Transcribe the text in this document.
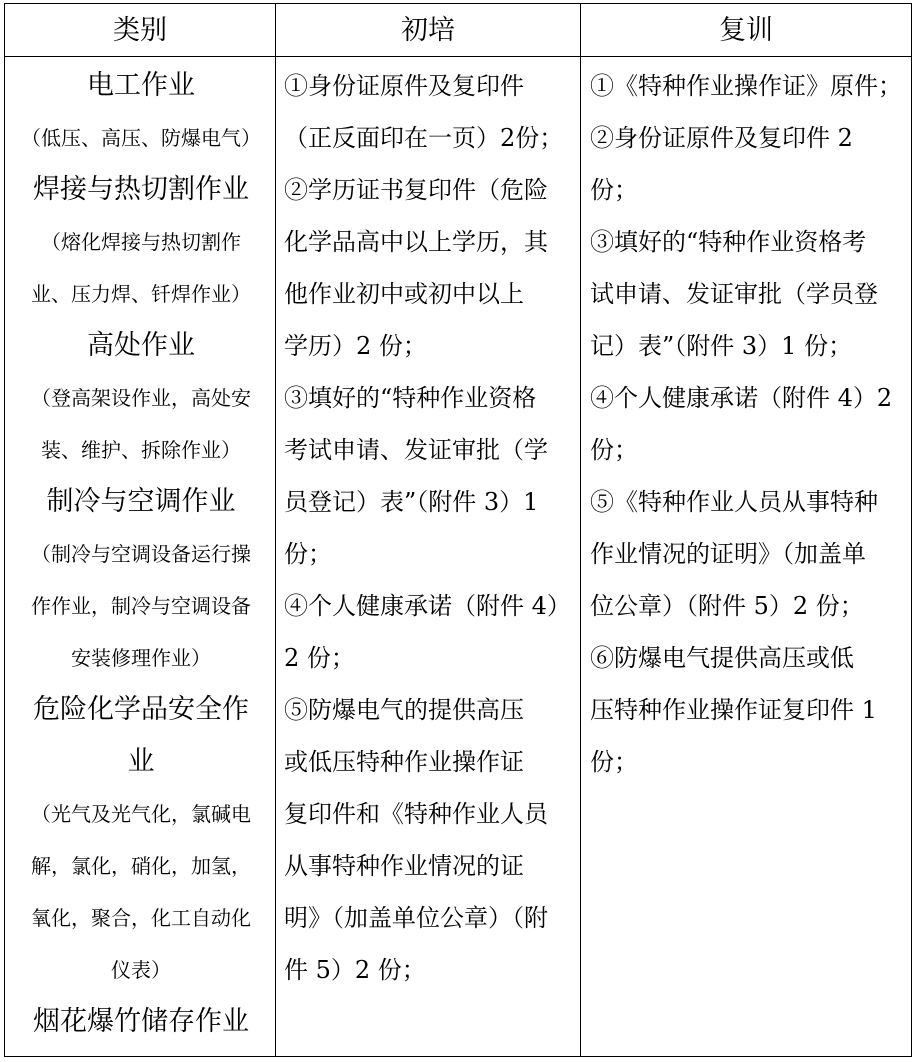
类别	初培	复训
电工作业
（低压、高压、防爆电气）
焊接与热切割作业
（熔化焊接与热切割作
业、压力焊、钎焊作业）
高处作业
（登高架设作业，高处安
装、维护、拆除作业）
制冷与空调作业
（制冷与空调设备运行操
作作业，制冷与空调设备
安装修理作业）
危险化学品安全作
业
（光气及光气化，氯碱电
解，氯化，硝化，加氢，
氧化，聚合，化工自动化
仪表）
烟花爆竹储存作业
①身份证原件及复印件
（正反面印在一页）2份；
②学历证书复印件（危险
化学品高中以上学历，其
他作业初中或初中以上
学历）2 份；
③填好的“特种作业资格
考试申请、发证审批（学
员登记）表”（附件 3）1
份；
④个人健康承诺（附件 4）
2 份；
⑤防爆电气的提供高压
或低压特种作业操作证
复印件和《特种作业人员
从事特种作业情况的证
明》（加盖单位公章）（附
件 5）2 份；
①《特种作业操作证》原件；
②身份证原件及复印件 2
份；
③填好的“特种作业资格考
试申请、发证审批（学员登
记）表”（附件 3）1 份；
④个人健康承诺（附件 4）2
份；
⑤《特种作业人员从事特种
作业情况的证明》（加盖单
位公章）（附件 5）2 份；
⑥防爆电气提供高压或低
压特种作业操作证复印件 1
份；
